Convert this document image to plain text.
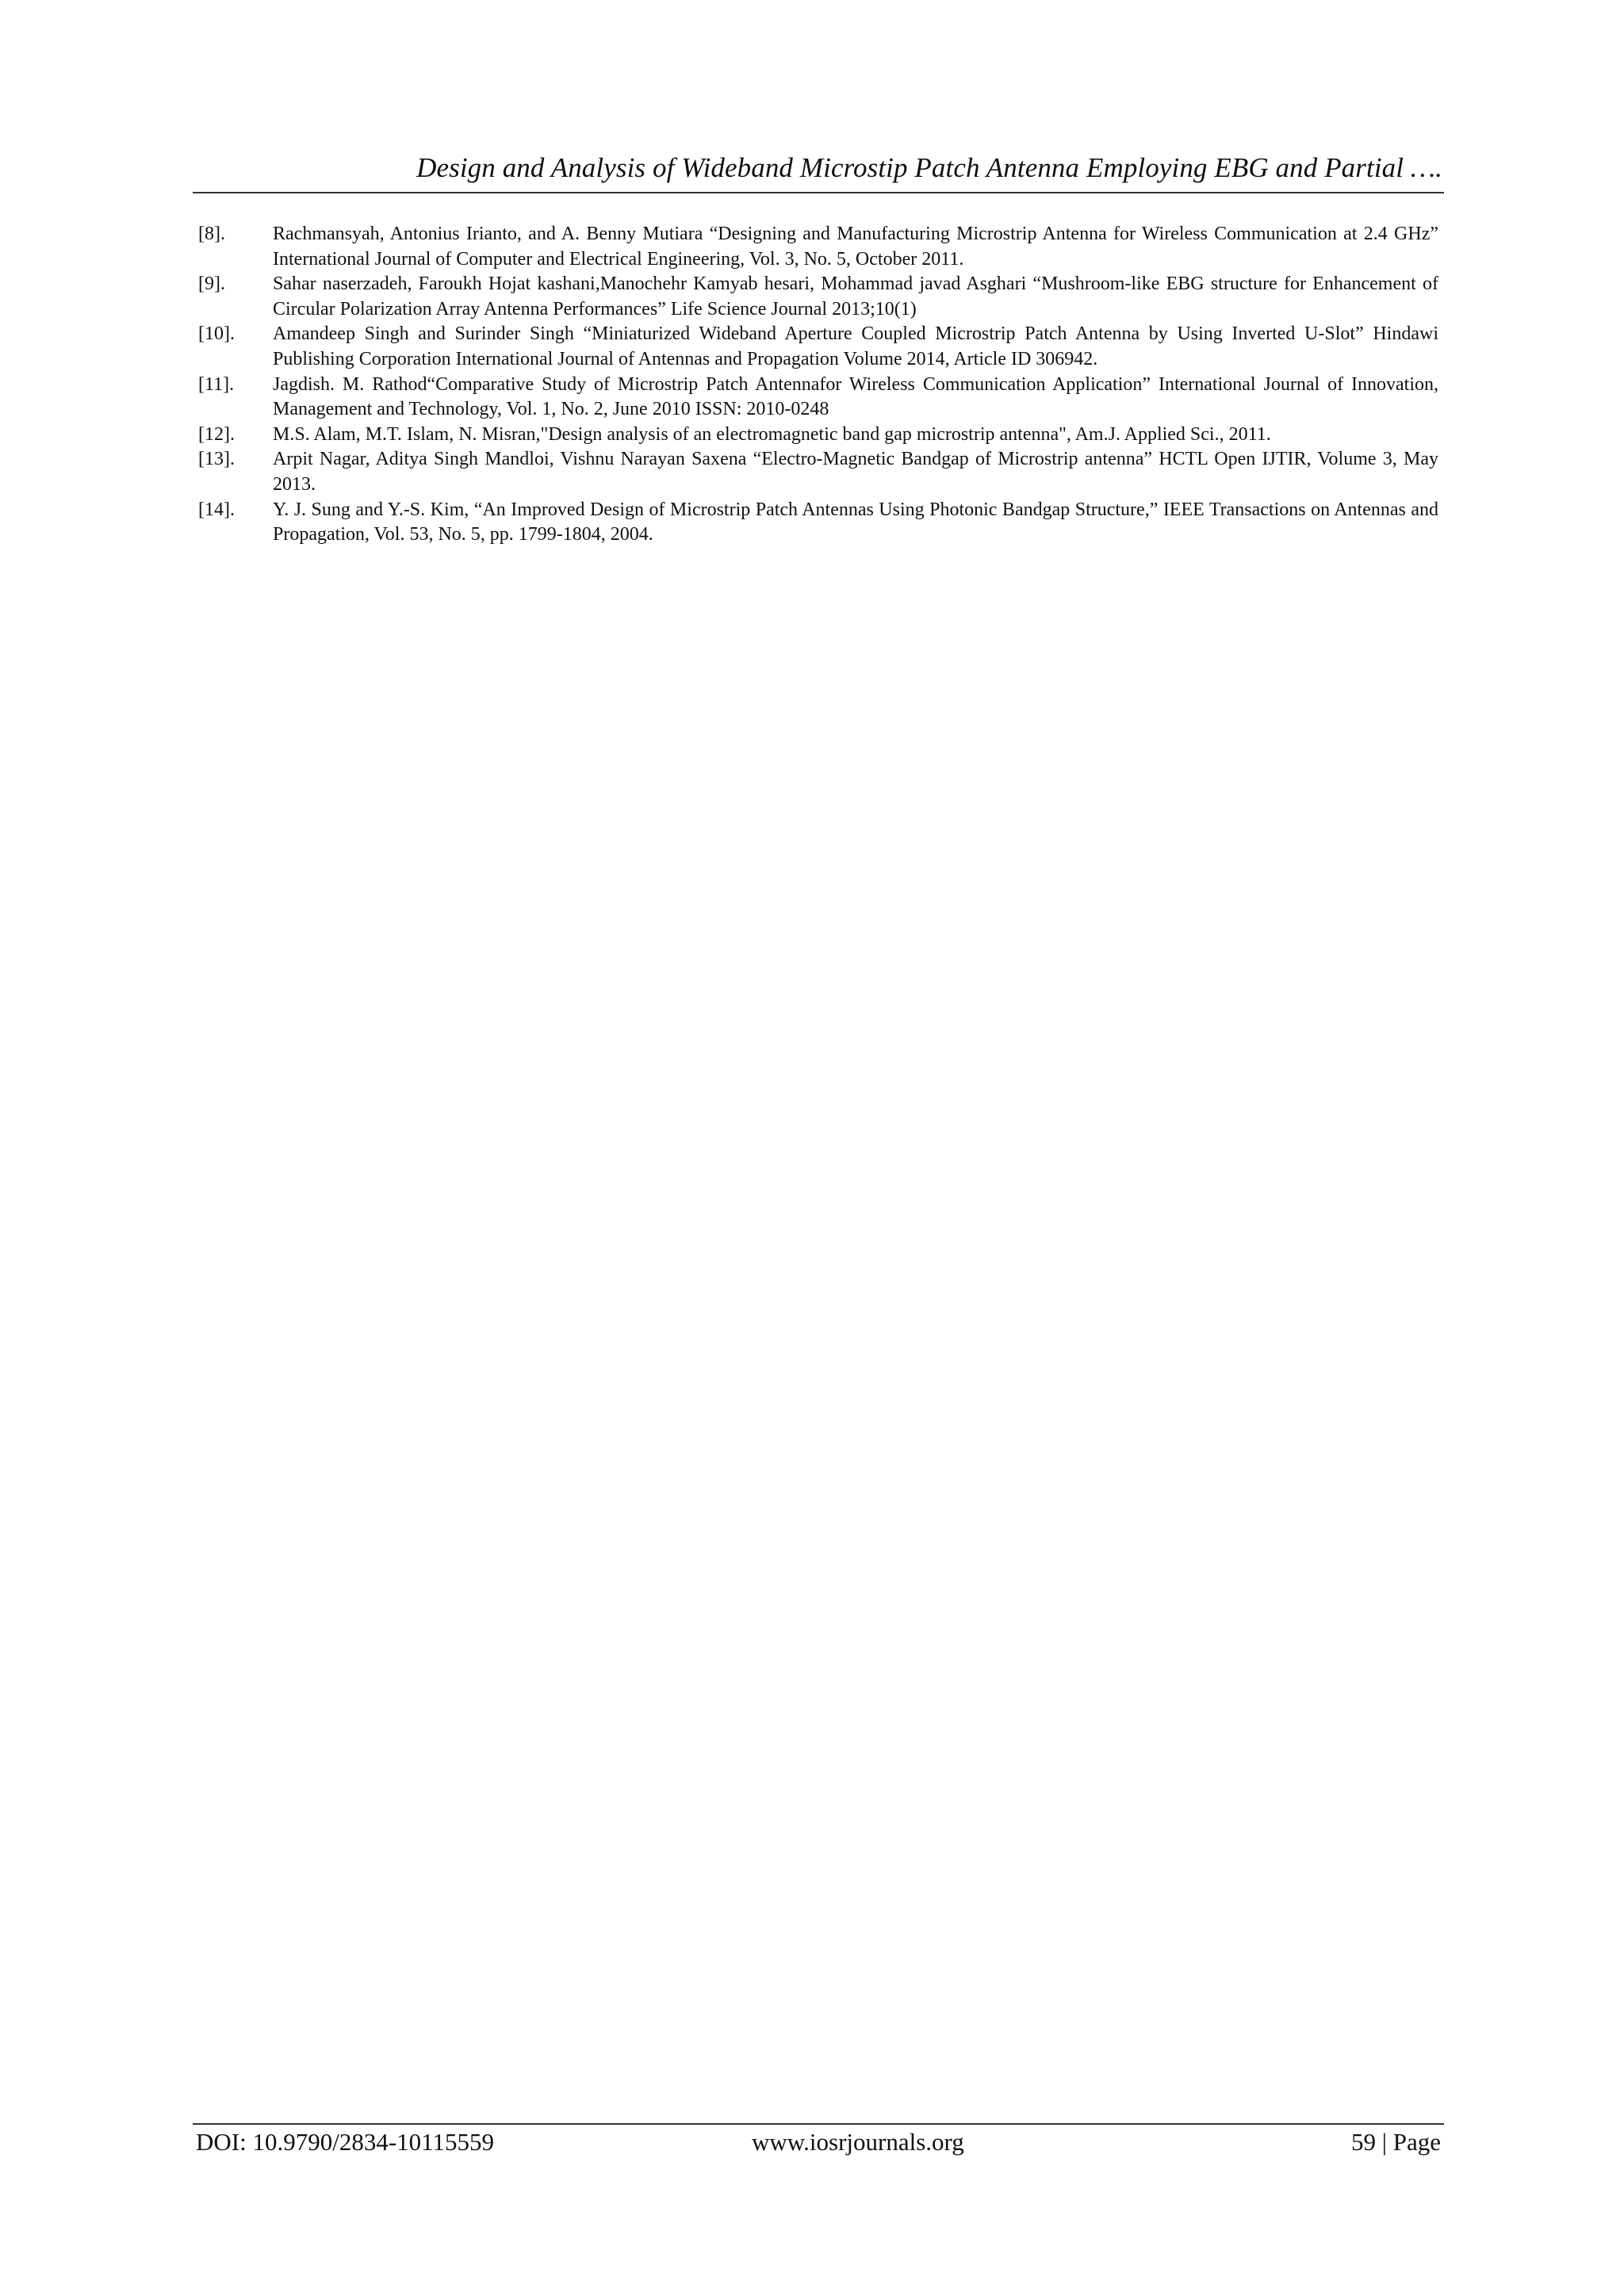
Design and Analysis of Wideband Microstip Patch Antenna Employing EBG and Partial ….
[8].	Rachmansyah, Antonius Irianto, and A. Benny Mutiara “Designing and Manufacturing Microstrip Antenna for Wireless Communication at 2.4 GHz” International Journal of Computer and Electrical Engineering, Vol. 3, No. 5, October 2011.
[9].	Sahar naserzadeh, Faroukh Hojat kashani,Manochehr Kamyab hesari, Mohammad javad Asghari “Mushroom-like EBG structure for Enhancement of Circular Polarization Array Antenna Performances” Life Science Journal 2013;10(1)
[10].	Amandeep Singh and Surinder Singh “Miniaturized Wideband Aperture Coupled Microstrip Patch Antenna by Using Inverted U-Slot” Hindawi Publishing Corporation International Journal of Antennas and Propagation Volume 2014, Article ID 306942.
[11].	Jagdish. M. Rathod“Comparative Study of Microstrip Patch Antennafor Wireless Communication Application” International Journal of Innovation, Management and Technology, Vol. 1, No. 2, June 2010 ISSN: 2010-0248
[12].	M.S. Alam, M.T. Islam, N. Misran,"Design analysis of an electromagnetic band gap microstrip antenna", Am.J. Applied Sci., 2011.
[13].	Arpit Nagar, Aditya Singh Mandloi, Vishnu Narayan Saxena “Electro-Magnetic Bandgap of Microstrip antenna” HCTL Open IJTIR, Volume 3, May 2013.
[14].	Y. J. Sung and Y.-S. Kim, “An Improved Design of Microstrip Patch Antennas Using Photonic Bandgap Structure,” IEEE Transactions on Antennas and Propagation, Vol. 53, No. 5, pp. 1799-1804, 2004.
DOI: 10.9790/2834-10115559	www.iosrjournals.org	59 | Page
